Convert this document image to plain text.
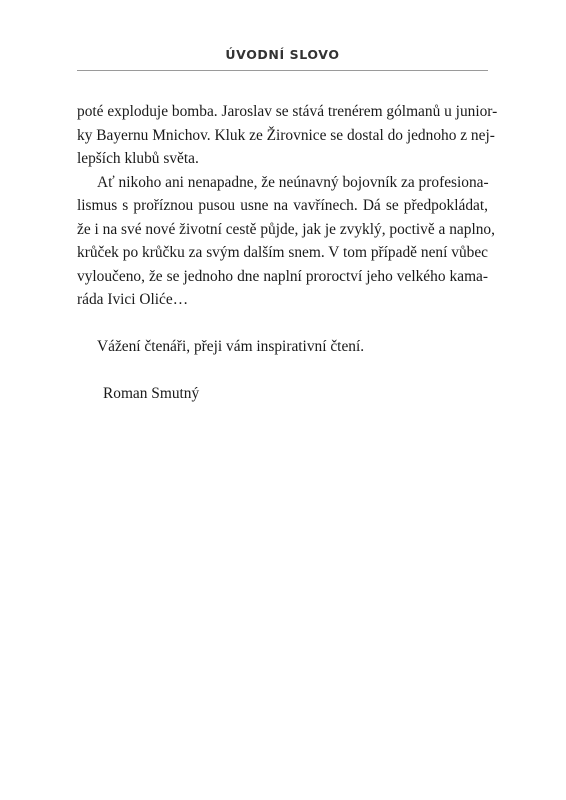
ÚVODNÍ SLOVO
poté exploduje bomba. Jaroslav se stává trenérem gólmanů u junior-
ky Bayernu Mnichov. Kluk ze Žirovnice se dostal do jednoho z nej-
lepších klubů světa.
Ať nikoho ani nenapadne, že neúnavný bojovník za profesiona-
lismus s proříznou pusou usne na vavřínech. Dá se předpokládat,
že i na své nové životní cestě půjde, jak je zvyklý, poctivě a naplno,
krůček po krůčku za svým dalším snem. V tom případě není vůbec
vyloučeno, že se jednoho dne naplní proroctví jeho velkého kama-
ráda Ivici Oliće…
Vážení čtenáři, přeji vám inspirativní čtení.
Roman Smutný
